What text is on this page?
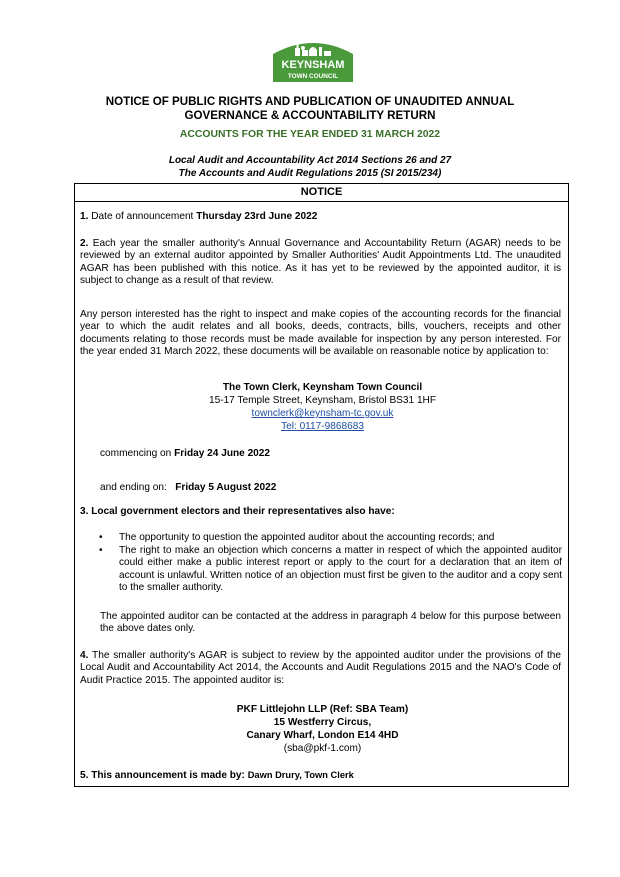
KEYNSHAM
TOWN COUNCIL
NOTICE OF PUBLIC RIGHTS AND PUBLICATION OF UNAUDITED ANNUAL
GOVERNANCE & ACCOUNTABILITY RETURN
ACCOUNTS FOR THE YEAR ENDED 31 MARCH 2022
Local Audit and Accountability Act 2014 Sections 26 and 27
The Accounts and Audit Regulations 2015 (SI 2015/234)
NOTICE

1. Date of announcement Thursday 23rd June 2022

2. Each year the smaller authority's Annual Governance and Accountability Return (AGAR) needs to be reviewed by an external auditor appointed by Smaller Authorities' Audit Appointments Ltd. The unaudited AGAR has been published with this notice. As it has yet to be reviewed by the appointed auditor, it is subject to change as a result of that review.

Any person interested has the right to inspect and make copies of the accounting records for the financial year to which the audit relates and all books, deeds, contracts, bills, vouchers, receipts and other documents relating to those records must be made available for inspection by any person interested. For the year ended 31 March 2022, these documents will be available on reasonable notice by application to:

The Town Clerk, Keynsham Town Council
15-17 Temple Street, Keynsham, Bristol BS31 1HF
townclerk@keynsham-tc.gov.uk
Tel: 0117-9868683
commencing on Friday 24 June 2022
and ending on: Friday 5 August 2022
3. Local government electors and their representatives also have:
•	The opportunity to question the appointed auditor about the accounting records; and
•	The right to make an objection which concerns a matter in respect of which the appointed auditor could either make a public interest report or apply to the court for a declaration that an item of account is unlawful. Written notice of an objection must first be given to the auditor and a copy sent to the smaller authority.

The appointed auditor can be contacted at the address in paragraph 4 below for this purpose between the above dates only.

4. The smaller authority's AGAR is subject to review by the appointed auditor under the provisions of the Local Audit and Accountability Act 2014, the Accounts and Audit Regulations 2015 and the NAO's Code of Audit Practice 2015. The appointed auditor is:

PKF Littlejohn LLP (Ref: SBA Team)
15 Westferry Circus,
Canary Wharf, London E14 4HD
(sba@pkf-1.com)
5. This announcement is made by: Dawn Drury, Town Clerk
